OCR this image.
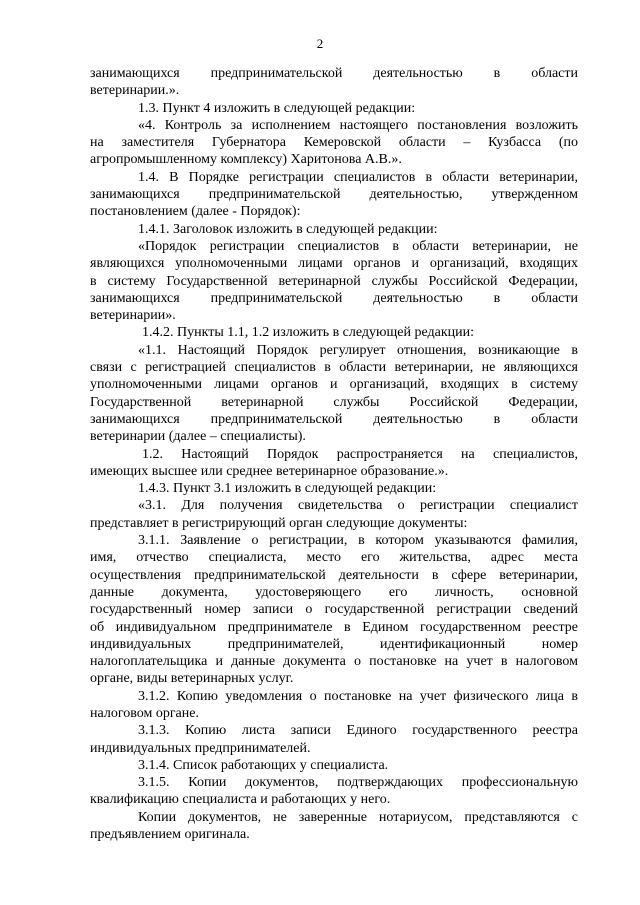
2
занимающихся предпринимательской деятельностью в области
ветеринарии.».
1.3. Пункт 4 изложить в следующей редакции:
«4. Контроль за исполнением настоящего постановления возложить
на заместителя Губернатора Кемеровской области – Кузбасса (по
агропромышленному комплексу) Харитонова А.В.».
1.4. В Порядке регистрации специалистов в области ветеринарии,
занимающихся предпринимательской деятельностью, утвержденном
постановлением (далее - Порядок):
1.4.1. Заголовок изложить в следующей редакции:
«Порядок регистрации специалистов в области ветеринарии, не
являющихся уполномоченными лицами органов и организаций, входящих
в систему Государственной ветеринарной службы Российской Федерации,
занимающихся предпринимательской деятельностью в области
ветеринарии».
1.4.2. Пункты 1.1, 1.2 изложить в следующей редакции:
«1.1. Настоящий Порядок регулирует отношения, возникающие в
связи с регистрацией специалистов в области ветеринарии, не являющихся
уполномоченными лицами органов и организаций, входящих в систему
Государственной ветеринарной службы Российской Федерации,
занимающихся предпринимательской деятельностью в области
ветеринарии (далее – специалисты).
1.2. Настоящий Порядок распространяется на специалистов,
имеющих высшее или среднее ветеринарное образование.».
1.4.3. Пункт 3.1 изложить в следующей редакции:
«3.1. Для получения свидетельства о регистрации специалист
представляет в регистрирующий орган следующие документы:
3.1.1. Заявление о регистрации, в котором указываются фамилия,
имя, отчество специалиста, место его жительства, адрес места
осуществления предпринимательской деятельности в сфере ветеринарии,
данные документа, удостоверяющего его личность, основной
государственный номер записи о государственной регистрации сведений
об индивидуальном предпринимателе в Едином государственном реестре
индивидуальных предпринимателей, идентификационный номер
налогоплательщика и данные документа о постановке на учет в налоговом
органе, виды ветеринарных услуг.
3.1.2. Копию уведомления о постановке на учет физического лица в
налоговом органе.
3.1.3. Копию листа записи Единого государственного реестра
индивидуальных предпринимателей.
3.1.4. Список работающих у специалиста.
3.1.5. Копии документов, подтверждающих профессиональную
квалификацию специалиста и работающих у него.
Копии документов, не заверенные нотариусом, представляются с
предъявлением оригинала.
